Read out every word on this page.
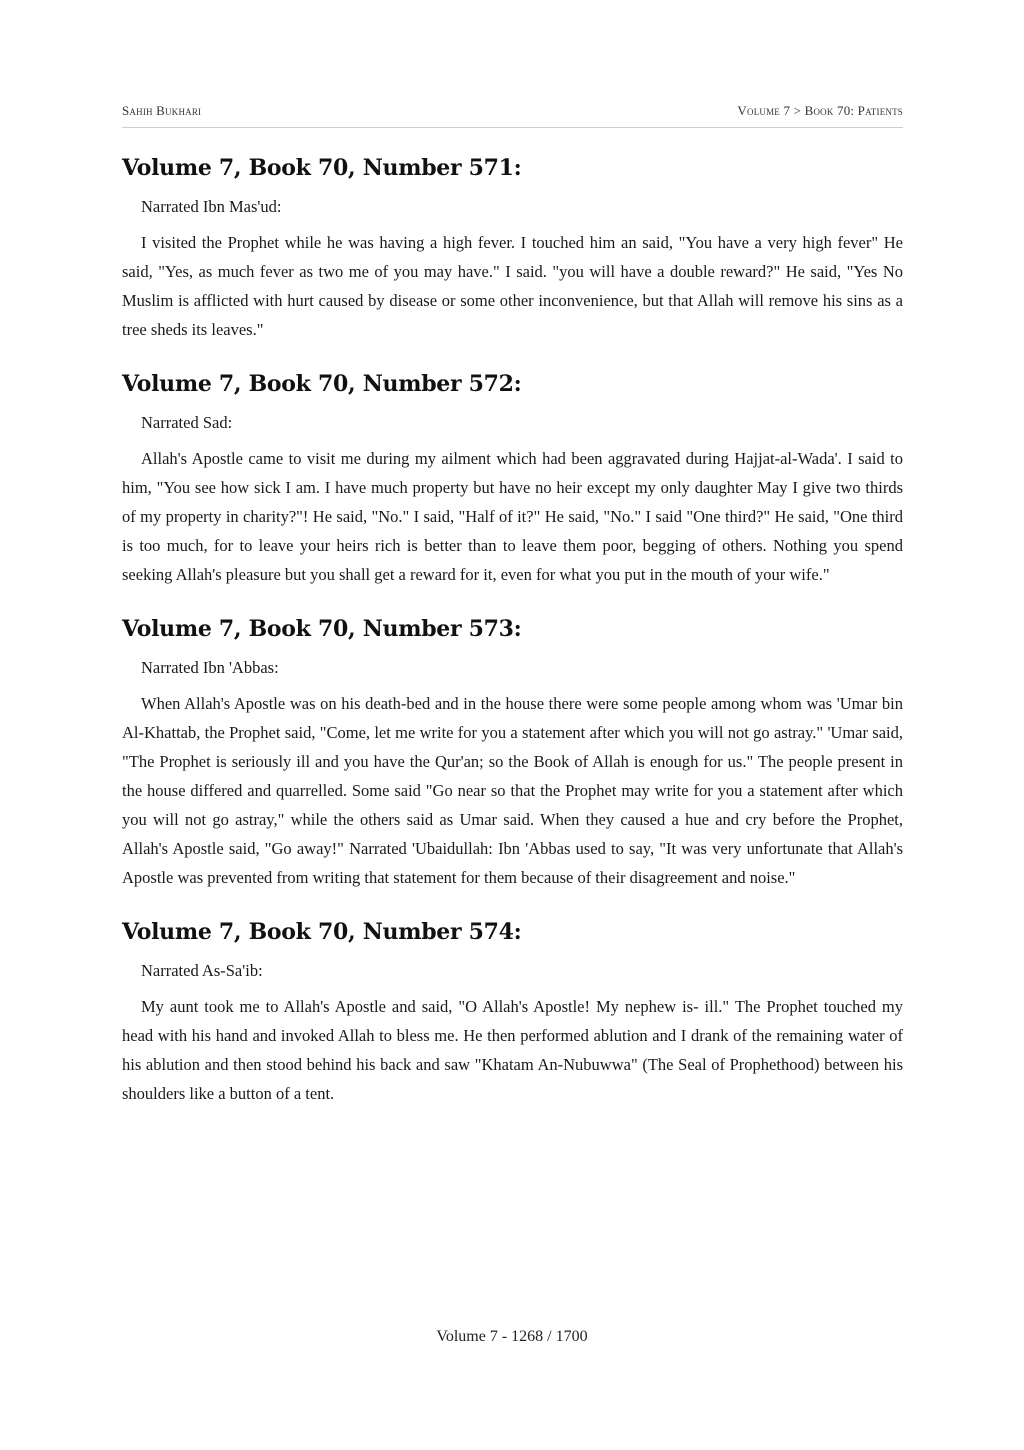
Sahih Bukhari	Volume 7 > Book 70: Patients
Volume 7, Book 70, Number 571:

Narrated Ibn Mas'ud:

I visited the Prophet while he was having a high fever. I touched him an said, "You have a very high fever" He said, "Yes, as much fever as two me of you may have." I said. "you will have a double reward?" He said, "Yes No Muslim is afflicted with hurt caused by disease or some other inconvenience, but that Allah will remove his sins as a tree sheds its leaves."

Volume 7, Book 70, Number 572:

Narrated Sad:

Allah's Apostle came to visit me during my ailment which had been aggravated during Hajjat-al-Wada'. I said to him, "You see how sick I am. I have much property but have no heir except my only daughter May I give two thirds of my property in charity?"! He said, "No." I said, "Half of it?" He said, "No." I said "One third?" He said, "One third is too much, for to leave your heirs rich is better than to leave them poor, begging of others. Nothing you spend seeking Allah's pleasure but you shall get a reward for it, even for what you put in the mouth of your wife."

Volume 7, Book 70, Number 573:

Narrated Ibn 'Abbas:

When Allah's Apostle was on his death-bed and in the house there were some people among whom was 'Umar bin Al-Khattab, the Prophet said, "Come, let me write for you a statement after which you will not go astray." 'Umar said, "The Prophet is seriously ill and you have the Qur'an; so the Book of Allah is enough for us." The people present in the house differed and quarrelled. Some said "Go near so that the Prophet may write for you a statement after which you will not go astray," while the others said as Umar said. When they caused a hue and cry before the Prophet, Allah's Apostle said, "Go away!" Narrated 'Ubaidullah: Ibn 'Abbas used to say, "It was very unfortunate that Allah's Apostle was prevented from writing that statement for them because of their disagreement and noise."

Volume 7, Book 70, Number 574:

Narrated As-Sa'ib:

My aunt took me to Allah's Apostle and said, "O Allah's Apostle! My nephew is- ill." The Prophet touched my head with his hand and invoked Allah to bless me. He then performed ablution and I drank of the remaining water of his ablution and then stood behind his back and saw "Khatam An-Nubuwwa" (The Seal of Prophethood) between his shoulders like a button of a tent.

Volume 7 - 1268 / 1700
